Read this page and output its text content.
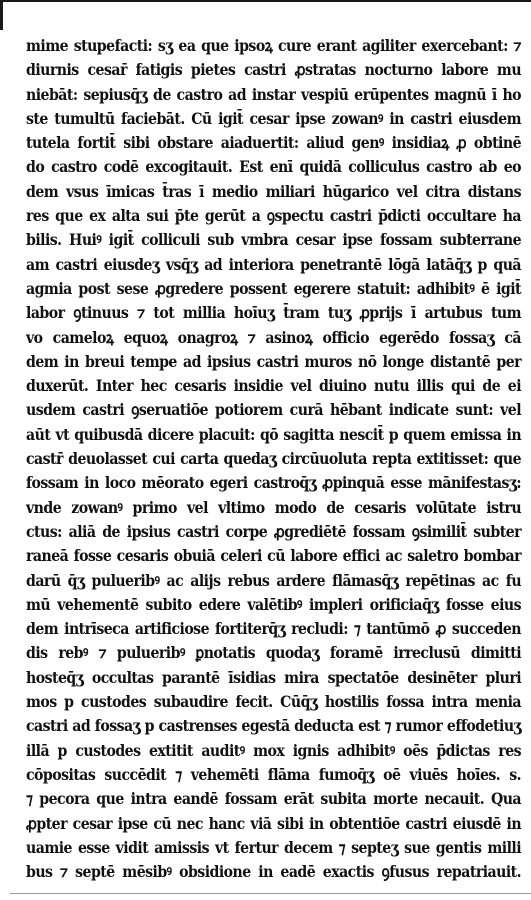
mime stupefacti: sʒ ea que ipsoꝝ cure erant agiliter exercebant: ⁊
diurnis cesar̄ fatigis pietes castri ꝓstratas nocturno labore mu
niebāt: sepiusq̄ʒ de castro ad instar vespiū erūpentes magnū ī ho
ste tumultū faciebāt. Cū igit̄ cesar ipse zowanꝰ in castri eiusdem
tutela fortit̄ sibi obstare aiaduertit: aliud genꝰ insidiaꝝ ꝓ obtinē
do castro codē excogitauit. Est enī quidā colliculus castro ab eo
dem vsus īmicas t̄ras ī medio miliari hūgarico vel citra distans
res que ex alta sui p̄te gerūt a ꝯspectu castri p̄dicti occultare ha
bilis. Huiꝰ igit̄ colliculi sub vmbra cesar ipse fossam subterrane
am castri eiusdeʒ vsq̄ʒ ad interiora penetrantē lōgā latāq̄ʒ p quā
agmia post sese ꝓgredere possent egerere statuit: adhibitꝰ ē igit̄
labor ꝯtinuus ⁊ tot millia hoīuʒ t̄ram tuʒ ꝓprijs ī artubus tum
vo cameloꝝ equoꝝ onagroꝝ ⁊ asinoꝝ officio egerēdo fossaʒ cā
dem in breui tempe ad ipsius castri muros nō longe distantē per
duxerūt. Inter hec cesaris insidie vel diuino nutu illis qui de ei
usdem castri ꝯseruatiōe potiorem curā hēbant indicate sunt: vel
aūt vt quibusdā dicere placuit: qō sagitta nescit̄ p quem emissa in
castr̄ deuolasset cui carta quedaʒ circūuoluta repta extitisset: que
fossam in loco mēorato egeri castroq̄ʒ ꝓpinquā esse mānifestasʒ:
vnde zowanꝰ primo vel vltimo modo de cesaris volūtate istru
ctus: aliā de ipsius castri corpe ꝓgrediētē fossam ꝯsimilit̄ subter
raneā fosse cesaris obuiā celeri cū labore effici ac saletro bombar
darū q̄ʒ pulueribꝰ ac alijs rebus ardere flāmasq̄ʒ repētinas ac fu
mū vehementē subito edere valētibꝰ impleri orificiaq̄ʒ fosse eius
dem intrīseca artificiose fortiterq̄ʒ recludi: ⁊ tantūmō ꝓ succeden
dis rebꝰ ⁊ pulueribꝰ ꝑnotatis quodaʒ foramē irreclusū dimitti
hosteq̄ʒ occultas parantē īsidias mira spectatōe desinēter pluri
mos p custodes subaudire fecit. Cūq̄ʒ hostilis fossa intra menia
castri ad fossaʒ p castrenses egestā deducta est ⁊ rumor effodetiuʒ
illā p custodes extitit auditꝰ mox ignis adhibitꝰ oēs p̄dictas res
cōpositas succēdit ⁊ vehemēti flāma fumoq̄ʒ oē viuēs hoīes. s.
⁊ pecora que intra eandē fossam erāt subita morte necauit. Qua
ꝓpter cesar ipse cū nec hanc viā sibi in obtentiōe castri eiusdē in
uamie esse vidit amissis vt fertur decem ⁊ septeʒ sue gentis milli
bus ⁊ septē mēsibꝰ obsidione in eadē exactis ꝯfusus repatriauit.
